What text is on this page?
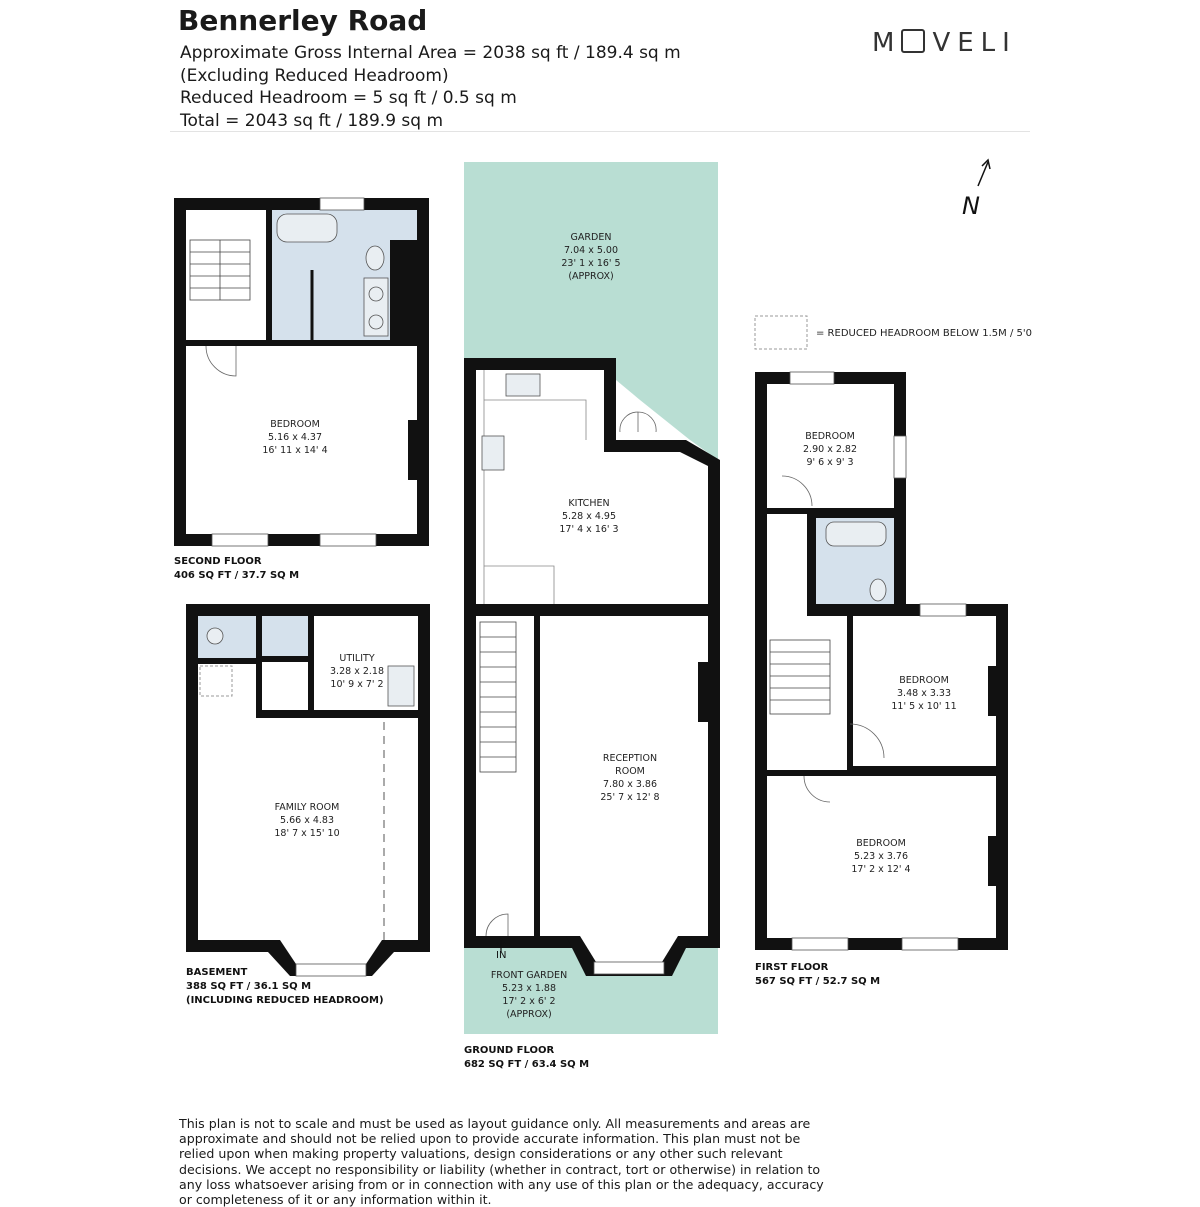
Bennerley Road
Approximate Gross Internal Area = 2038 sq ft / 189.4 sq m
(Excluding Reduced Headroom)
Reduced Headroom = 5 sq ft / 0.5 sq m
Total = 2043 sq ft / 189.9 sq m
M VELI
N
= REDUCED HEADROOM BELOW 1.5M / 5'0
BEDROOM
5.16 x 4.37
16' 11 x 14' 4
SECOND FLOOR
406 SQ FT / 37.7 SQ M
UTILITY
3.28 x 2.18
10' 9 x 7' 2
FAMILY ROOM
5.66 x 4.83
18' 7 x 15' 10
BASEMENT
388 SQ FT / 36.1 SQ M
(INCLUDING REDUCED HEADROOM)
IN
GARDEN
7.04 x 5.00
23' 1 x 16' 5
(APPROX)
KITCHEN
5.28 x 4.95
17' 4 x 16' 3
RECEPTION
ROOM
7.80 x 3.86
25' 7 x 12' 8
FRONT GARDEN
5.23 x 1.88
17' 2 x 6' 2
(APPROX)
GROUND FLOOR
682 SQ FT / 63.4 SQ M
BEDROOM
2.90 x 2.82
9' 6 x 9' 3
BEDROOM
3.48 x 3.33
11' 5 x 10' 11
BEDROOM
5.23 x 3.76
17' 2 x 12' 4
FIRST FLOOR
567 SQ FT / 52.7 SQ M
This plan is not to scale and must be used as layout guidance only. All measurements and areas are approximate and should not be relied upon to provide accurate information. This plan must not be relied upon when making property valuations, design considerations or any other such relevant decisions. We accept no responsibility or liability (whether in contract, tort or otherwise) in relation to any loss whatsoever arising from or in connection with any use of this plan or the adequacy, accuracy or completeness of it or any information within it.
